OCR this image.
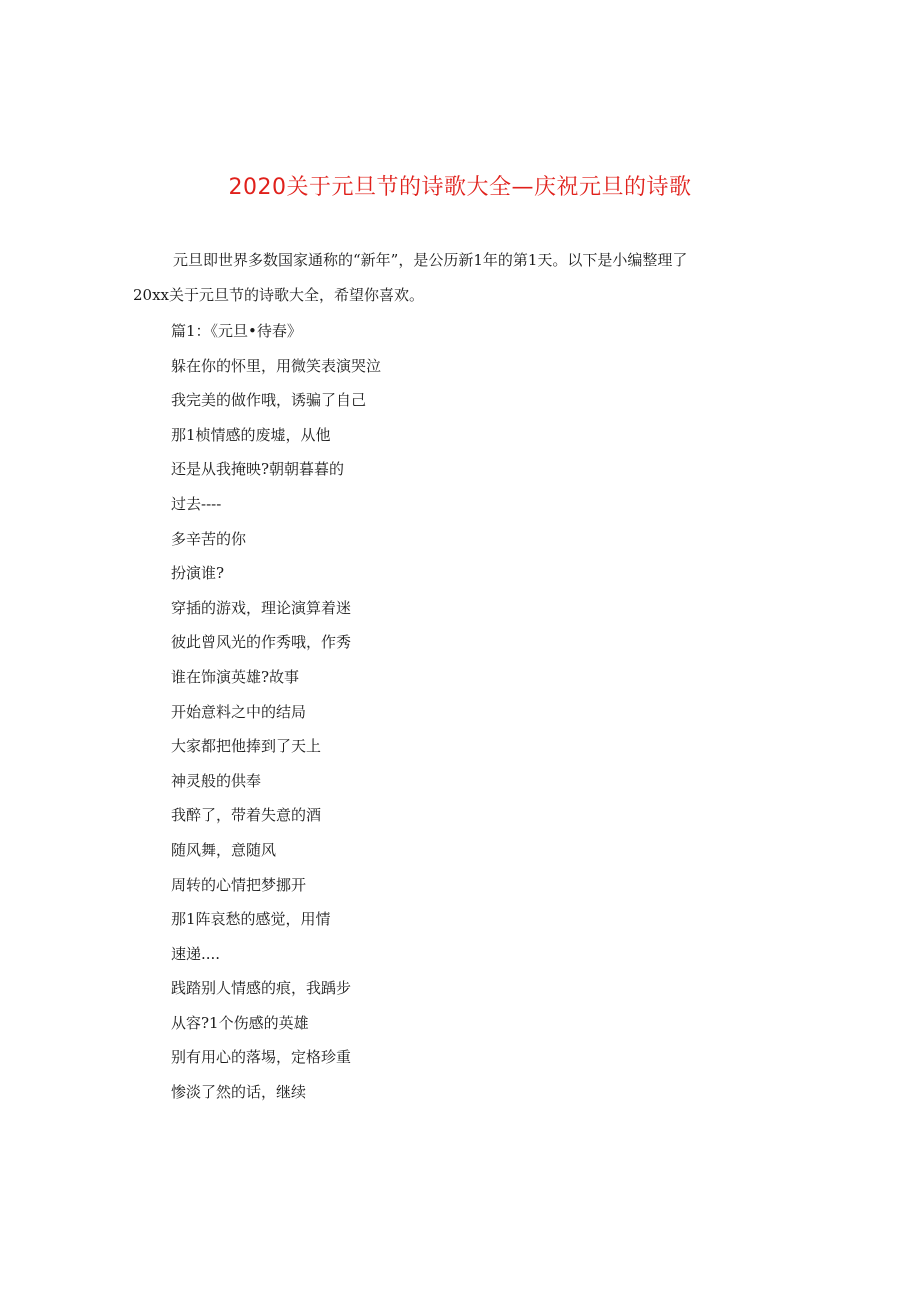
2020关于元旦节的诗歌大全—庆祝元旦的诗歌
元旦即世界多数国家通称的“新年”，是公历新1年的第1天。以下是小编整理了
20xx关于元旦节的诗歌大全，希望你喜欢。
篇1：《元旦•待春》
躲在你的怀里，用微笑表演哭泣
我完美的做作哦，诱骗了自己
那1桢情感的废墟，从他
还是从我掩映?朝朝暮暮的
过去----
多辛苦的你
扮演谁?
穿插的游戏，理论演算着迷
彼此曾风光的作秀哦，作秀
谁在饰演英雄?故事
开始意料之中的结局
大家都把他捧到了天上
神灵般的供奉
我醉了，带着失意的酒
随风舞，意随风
周转的心情把梦挪开
那1阵哀愁的感觉，用情
速递....
践踏别人情感的痕，我踽步
从容?1个伤感的英雄
别有用心的落埸，定格珍重
惨淡了然的话，继续
